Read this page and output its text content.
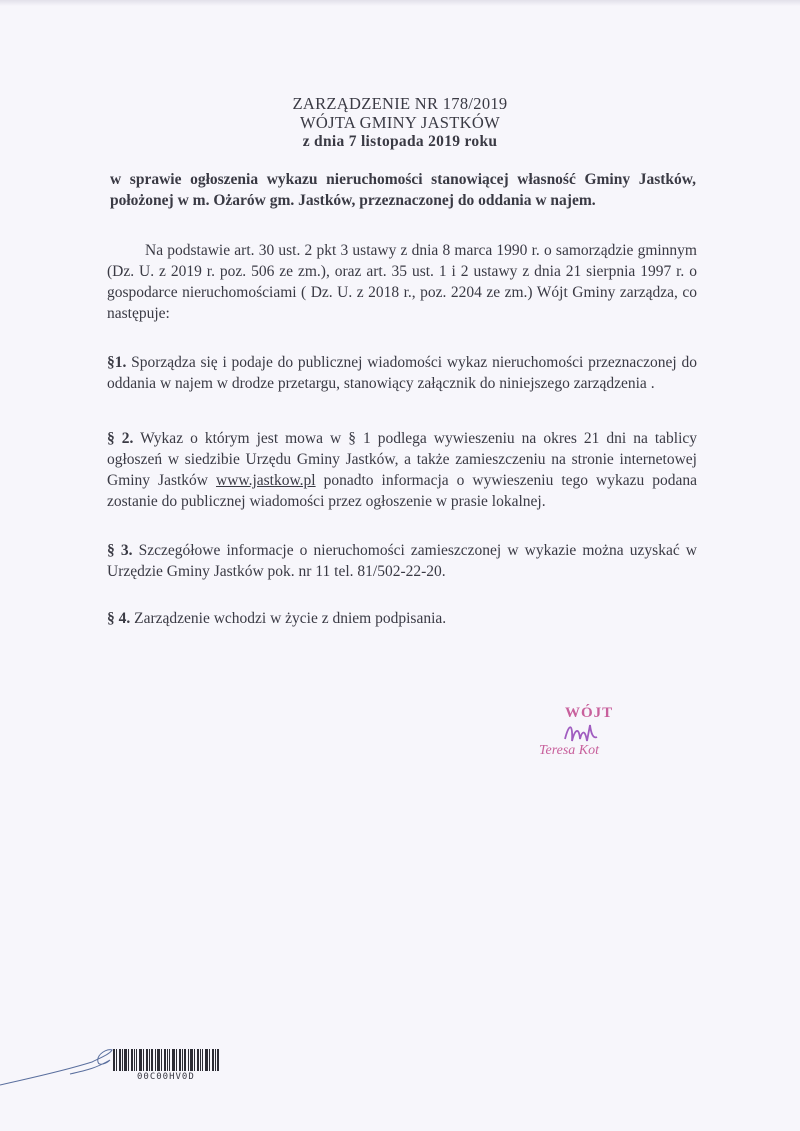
ZARZĄDZENIE NR 178/2019
WÓJTA GMINY JASTKÓW
z dnia 7 listopada 2019 roku
w sprawie ogłoszenia wykazu nieruchomości stanowiącej własność Gminy Jastków, położonej w m. Ożarów gm. Jastków, przeznaczonej do oddania w najem.
Na podstawie art. 30 ust. 2 pkt 3 ustawy z dnia 8 marca 1990 r. o samorządzie gminnym (Dz. U. z 2019 r. poz. 506 ze zm.), oraz art. 35 ust. 1 i 2 ustawy z dnia 21 sierpnia 1997 r. o gospodarce nieruchomościami ( Dz. U. z 2018 r., poz. 2204 ze zm.) Wójt Gminy zarządza, co następuje:
§1. Sporządza się i podaje do publicznej wiadomości wykaz nieruchomości przeznaczonej do oddania w najem w drodze przetargu, stanowiący załącznik do niniejszego zarządzenia .
§ 2. Wykaz o którym jest mowa w § 1 podlega wywieszeniu na okres 21 dni na tablicy ogłoszeń w siedzibie Urzędu Gminy Jastków, a także zamieszczeniu na stronie internetowej Gminy Jastków www.jastkow.pl ponadto informacja o wywieszeniu tego wykazu podana zostanie do publicznej wiadomości przez ogłoszenie w prasie lokalnej.
§ 3. Szczegółowe informacje o nieruchomości zamieszczonej w wykazie można uzyskać w Urzędzie Gminy Jastków pok. nr 11 tel. 81/502-22-20.
§ 4. Zarządzenie wchodzi w życie z dniem podpisania.
WÓJT
Teresa Kot
00C00HV0D
